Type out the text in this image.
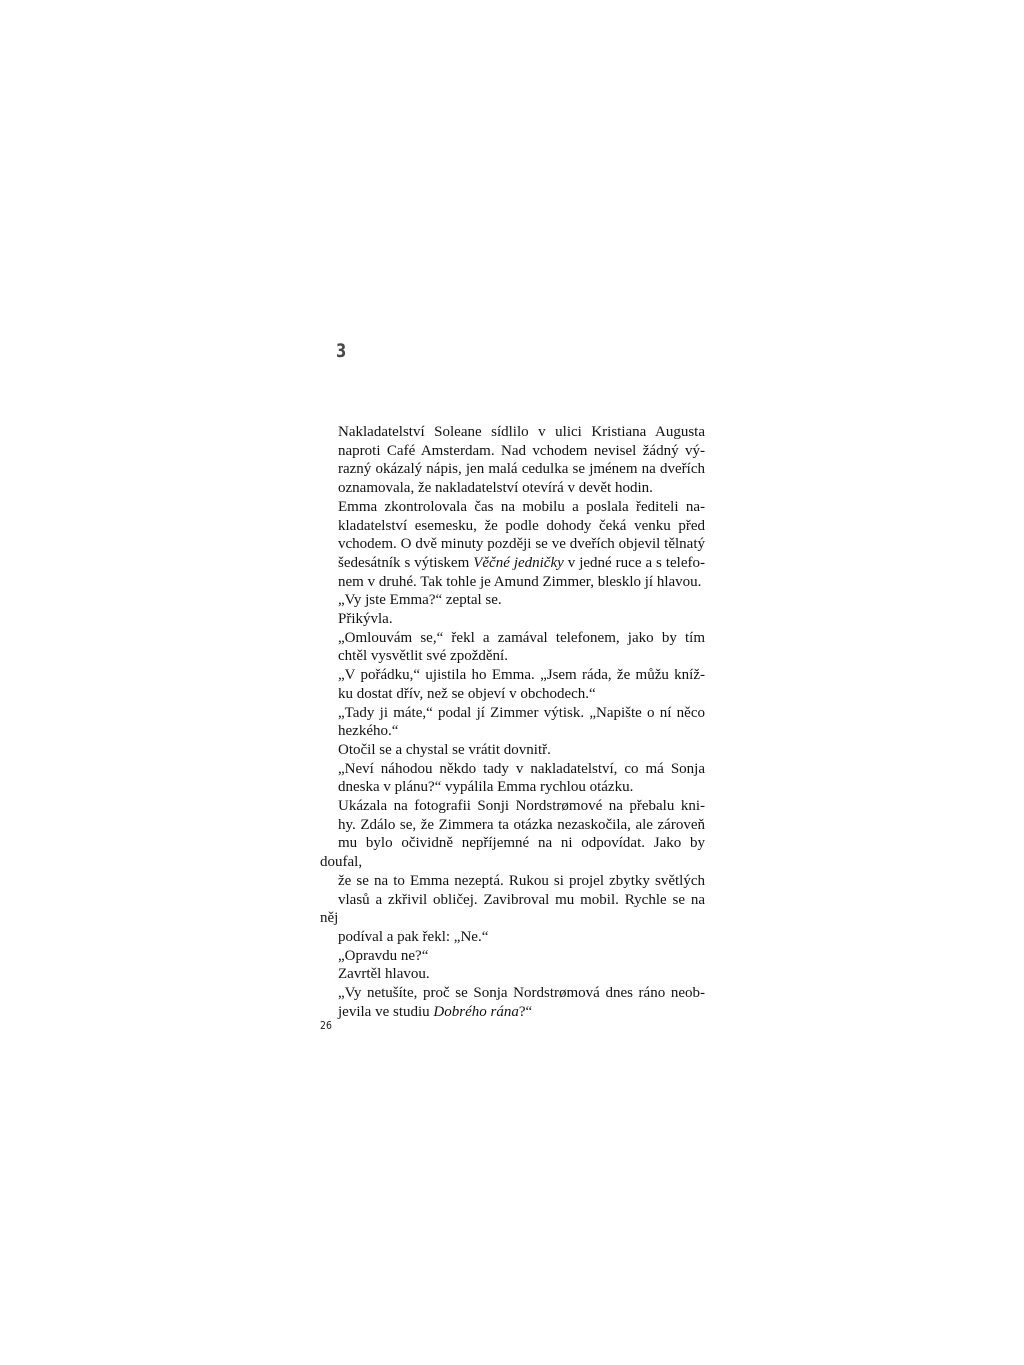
3

Nakladatelství Soleane sídlilo v ulici Kristiana Augusta
naproti Café Amsterdam. Nad vchodem nevisel žádný vý-
razný okázalý nápis, jen malá cedulka se jménem na dveřích
oznamovala, že nakladatelství otevírá v devět hodin.

Emma zkontrolovala čas na mobilu a poslala řediteli na-
kladatelství esemesku, že podle dohody čeká venku před
vchodem. O dvě minuty později se ve dveřích objevil tělnatý
šedesátník s výtiskem Věčné jedničky v jedné ruce a s telefo-
nem v druhé. Tak tohle je Amund Zimmer, blesklo jí hlavou.

„Vy jste Emma?“ zeptal se.

Přikývla.

„Omlouvám se,“ řekl a zamával telefonem, jako by tím
chtěl vysvětlit své zpoždění.

„V pořádku,“ ujistila ho Emma. „Jsem ráda, že můžu kníž-
ku dostat dřív, než se objeví v obchodech.“

„Tady ji máte,“ podal jí Zimmer výtisk. „Napište o ní něco
hezkého.“

Otočil se a chystal se vrátit dovnitř.

„Neví náhodou někdo tady v nakladatelství, co má Sonja
dneska v plánu?“ vypálila Emma rychlou otázku.

Ukázala na fotografii Sonji Nordstrømové na přebalu kni-
hy. Zdálo se, že Zimmera ta otázka nezaskočila, ale zároveň
mu bylo očividně nepříjemné na ni odpovídat. Jako by doufal,
že se na to Emma nezeptá. Rukou si projel zbytky světlých
vlasů a zkřivil obličej. Zavibroval mu mobil. Rychle se na něj
podíval a pak řekl: „Ne.“

„Opravdu ne?“

Zavrtěl hlavou.

„Vy netušíte, proč se Sonja Nordstrømová dnes ráno neob-
jevila ve studiu Dobrého rána?“

26
